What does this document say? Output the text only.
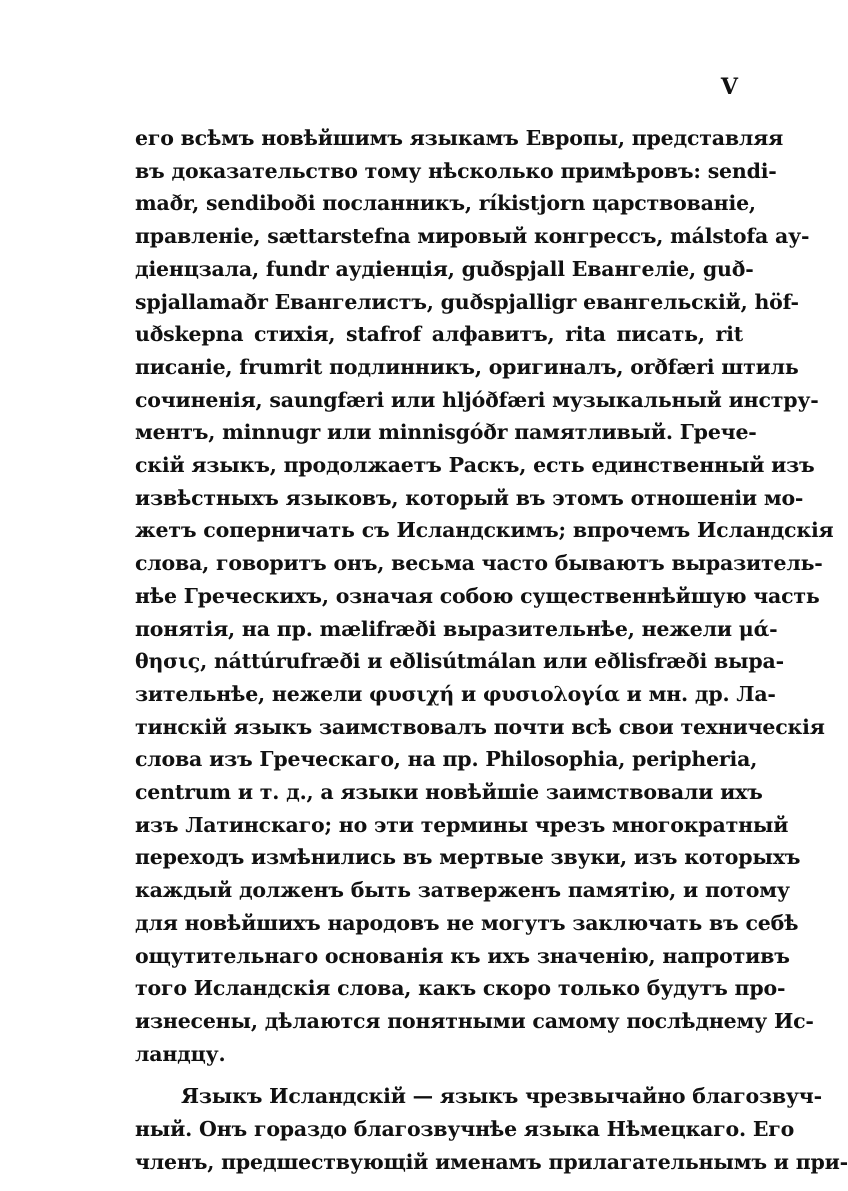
V
его всѣмъ новѣйшимъ языкамъ Европы, представляя
въ доказательство тому нѣсколько примѣровъ: sendi-
maðr, sendiboði посланникъ, ríkistjorn царствованіе,
правленіе, sættarstefna мировый конгрессъ, málstofa ау-
діенцзала, fundr аудіенція, guðspjall Евангеліе, guð-
spjallamaðr Евангелистъ, guðspjalligr евангельскій, höf-
uðskepna стихія, stafrof алфавитъ, rita писать, rit
писаніе, frumrit подлинникъ, оригиналъ, orðfæri штиль
сочиненія, saungfæri или hljóðfæri музыкальный инстру-
ментъ, minnugr или minnisgóðr памятливый. Грече-
скій языкъ, продолжаетъ Раскъ, есть единственный изъ
извѣстныхъ языковъ, который въ этомъ отношеніи мо-
жетъ соперничать съ Исландскимъ; впрочемъ Исландскія
слова, говоритъ онъ, весьма часто бываютъ выразитель-
нѣе Греческихъ, означая собою существеннѣйшую часть
понятія, на пр. mælifræði выразительнѣе, нежели μά-
θησις, náttúrufræði и eðlisútmálan или eðlisfræði выра-
зительнѣе, нежели φυσιχή и φυσιολογία и мн. др. Ла-
тинскій языкъ заимствовалъ почти всѣ свои техническія
слова изъ Греческаго, на пр. Philosophia, peripheria,
centrum и т. д., а языки новѣйшіе заимствовали ихъ
изъ Латинскаго; но эти термины чрезъ многократный
переходъ измѣнились въ мертвые звуки, изъ которыхъ
каждый долженъ быть затверженъ памятію, и потому
для новѣйшихъ народовъ не могутъ заключать въ себѣ
ощутительнаго основанія къ ихъ значенію, напротивъ
того Исландскія слова, какъ скоро только будутъ про-
изнесены, дѣлаются понятными самому послѣднему Ис-
ландцу.
Языкъ Исландскій — языкъ чрезвычайно благозвуч-
ный. Онъ гораздо благозвучнѣе языка Нѣмецкаго. Его
членъ, предшествующій именамъ прилагательнымъ и при-
